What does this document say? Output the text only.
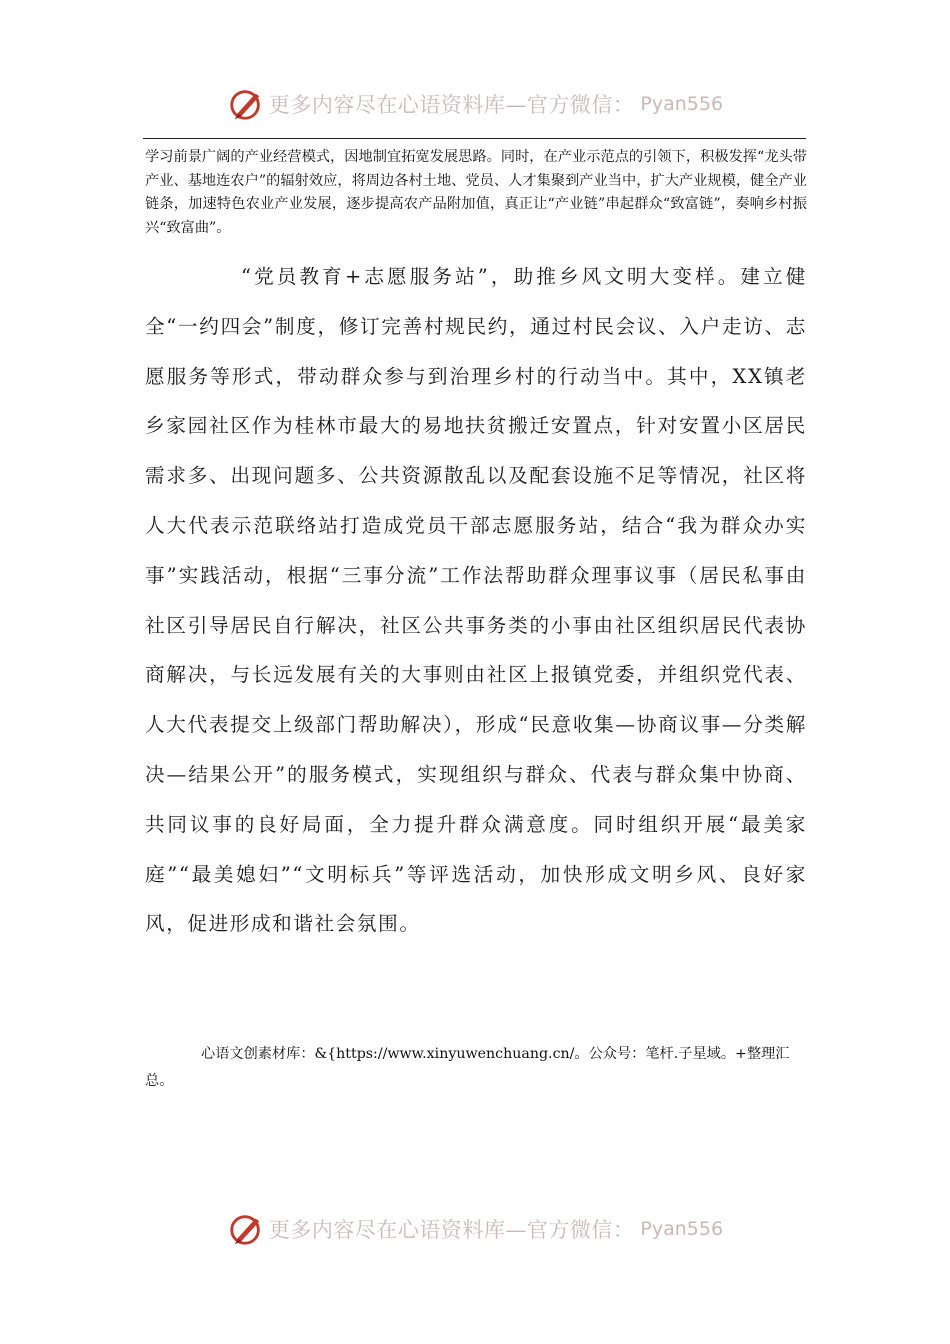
更多内容尽在心语资料库—官方微信： Pyan556

学习前景广阔的产业经营模式，因地制宜拓宽发展思路。同时，在产业示范点的引领下，积极发挥“龙头带产业、基地连农户”的辐射效应，将周边各村土地、党员、人才集聚到产业当中，扩大产业规模，健全产业链条，加速特色农业产业发展，逐步提高农产品附加值，真正让“产业链”串起群众“致富链”，奏响乡村振兴“致富曲”。

“党员教育+志愿服务站”，助推乡风文明大变样。建立健全“一约四会”制度，修订完善村规民约，通过村民会议、入户走访、志愿服务等形式，带动群众参与到治理乡村的行动当中。其中，XX镇老乡家园社区作为桂林市最大的易地扶贫搬迁安置点，针对安置小区居民需求多、出现问题多、公共资源散乱以及配套设施不足等情况，社区将人大代表示范联络站打造成党员干部志愿服务站，结合“我为群众办实事”实践活动，根据“三事分流”工作法帮助群众理事议事（居民私事由社区引导居民自行解决，社区公共事务类的小事由社区组织居民代表协商解决，与长远发展有关的大事则由社区上报镇党委，并组织党代表、人大代表提交上级部门帮助解决），形成“民意收集—协商议事—分类解决—结果公开”的服务模式，实现组织与群众、代表与群众集中协商、共同议事的良好局面，全力提升群众满意度。同时组织开展“最美家庭”“最美媳妇”“文明标兵”等评选活动，加快形成文明乡风、良好家风，促进形成和谐社会氛围。

心语文创素材库：&{https://www.xinyuwenchuang.cn/。公众号：笔杆.子星域。+整理汇总。

更多内容尽在心语资料库—官方微信： Pyan556
